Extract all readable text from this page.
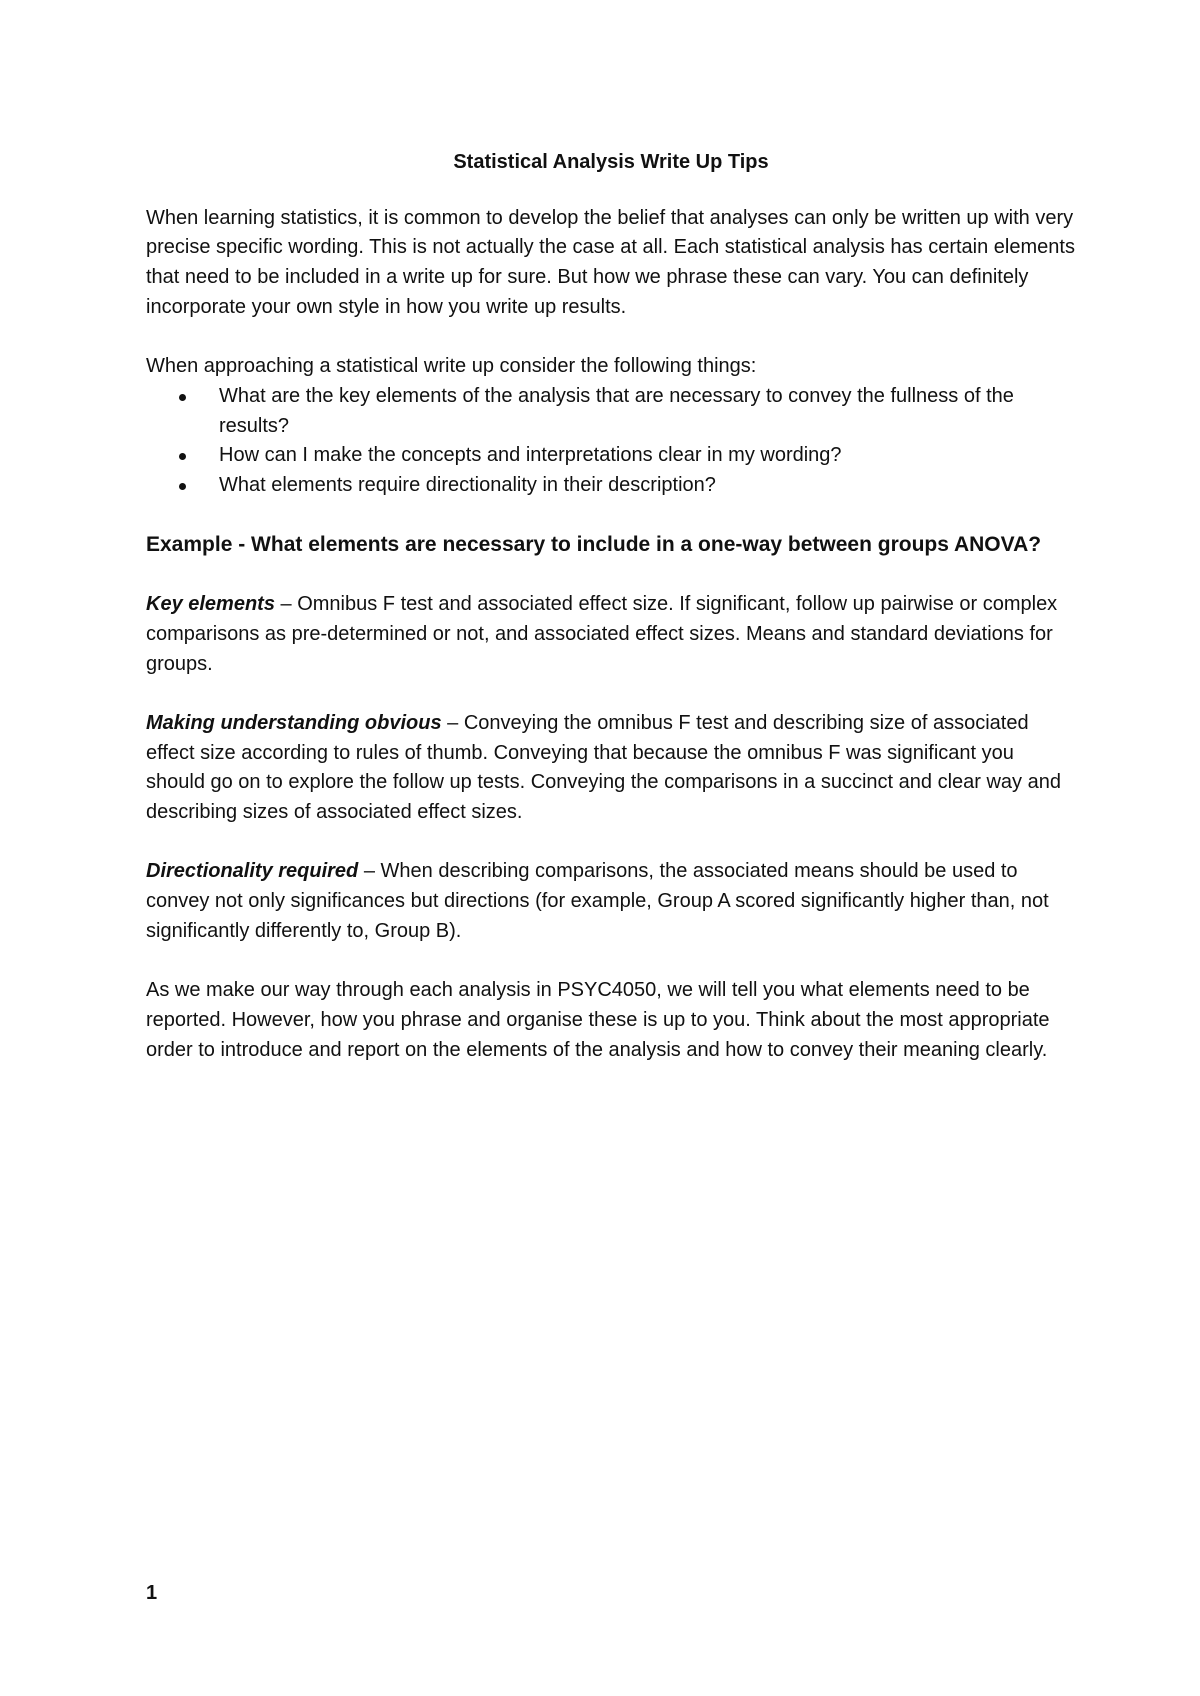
Statistical Analysis Write Up Tips

When learning statistics, it is common to develop the belief that analyses can only be written up with very precise specific wording. This is not actually the case at all. Each statistical analysis has certain elements that need to be included in a write up for sure. But how we phrase these can vary. You can definitely incorporate your own style in how you write up results.

When approaching a statistical write up consider the following things:

What are the key elements of the analysis that are necessary to convey the fullness of the results?
How can I make the concepts and interpretations clear in my wording?
What elements require directionality in their description?
Example - What elements are necessary to include in a one-way between groups ANOVA?

Key elements – Omnibus F test and associated effect size. If significant, follow up pairwise or complex comparisons as pre-determined or not, and associated effect sizes. Means and standard deviations for groups.

Making understanding obvious – Conveying the omnibus F test and describing size of associated effect size according to rules of thumb. Conveying that because the omnibus F was significant you should go on to explore the follow up tests. Conveying the comparisons in a succinct and clear way and describing sizes of associated effect sizes.

Directionality required – When describing comparisons, the associated means should be used to convey not only significances but directions (for example, Group A scored significantly higher than, not significantly differently to, Group B).

As we make our way through each analysis in PSYC4050, we will tell you what elements need to be reported. However, how you phrase and organise these is up to you. Think about the most appropriate order to introduce and report on the elements of the analysis and how to convey their meaning clearly.

1
